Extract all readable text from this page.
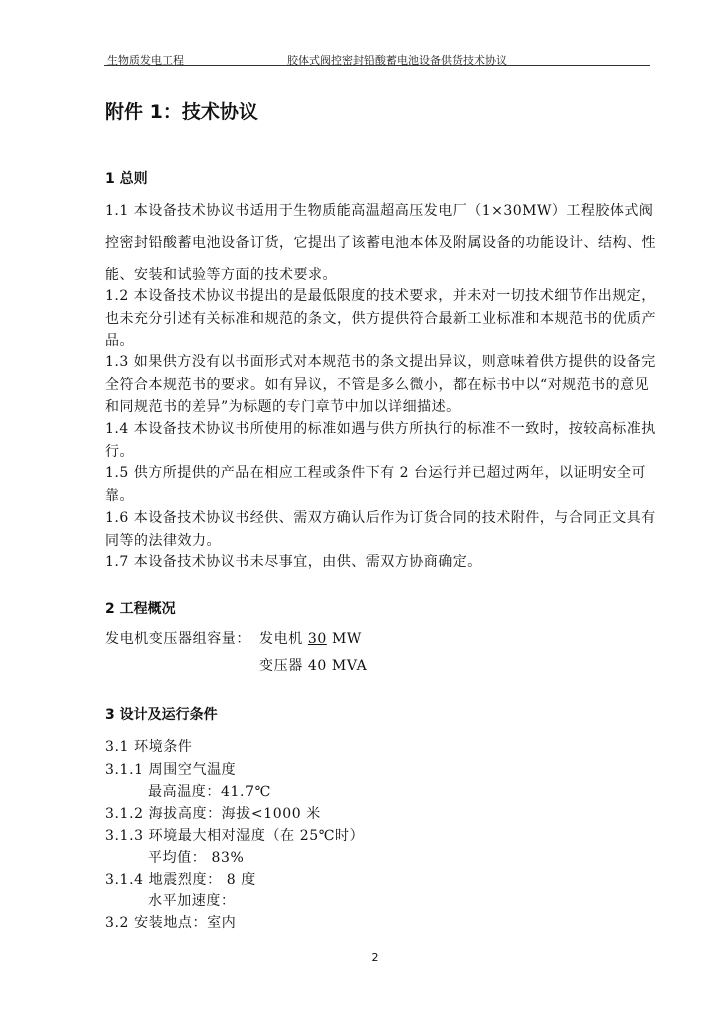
生物质发电工程	胶体式阀控密封铅酸蓄电池设备供货技术协议
附件 1：技术协议
1 总则
1.1 本设备技术协议书适用于生物质能高温超高压发电厂（1×30MW）工程胶体式阀控密封铅酸蓄电池设备订货，它提出了该蓄电池本体及附属设备的功能设计、结构、性能、安装和试验等方面的技术要求。
1.2 本设备技术协议书提出的是最低限度的技术要求，并未对一切技术细节作出规定，也未充分引述有关标准和规范的条文，供方提供符合最新工业标准和本规范书的优质产品。
1.3 如果供方没有以书面形式对本规范书的条文提出异议，则意味着供方提供的设备完全符合本规范书的要求。如有异议，不管是多么微小，都在标书中以“对规范书的意见和同规范书的差异”为标题的专门章节中加以详细描述。
1.4 本设备技术协议书所使用的标准如遇与供方所执行的标准不一致时，按较高标准执行。
1.5 供方所提供的产品在相应工程或条件下有 2 台运行并已超过两年，以证明安全可靠。
1.6 本设备技术协议书经供、需双方确认后作为订货合同的技术附件，与合同正文具有同等的法律效力。
1.7 本设备技术协议书未尽事宜，由供、需双方协商确定。
2 工程概况
发电机变压器组容量： 发电机 30 MW
变压器 40 MVA
3 设计及运行条件
3.1 环境条件
3.1.1 周围空气温度
最高温度：41.7℃
3.1.2 海拔高度：海拔<1000 米
3.1.3 环境最大相对湿度（在 25℃时）
平均值： 83%
3.1.4 地震烈度： 8 度
水平加速度：
3.2 安装地点：室内
2
